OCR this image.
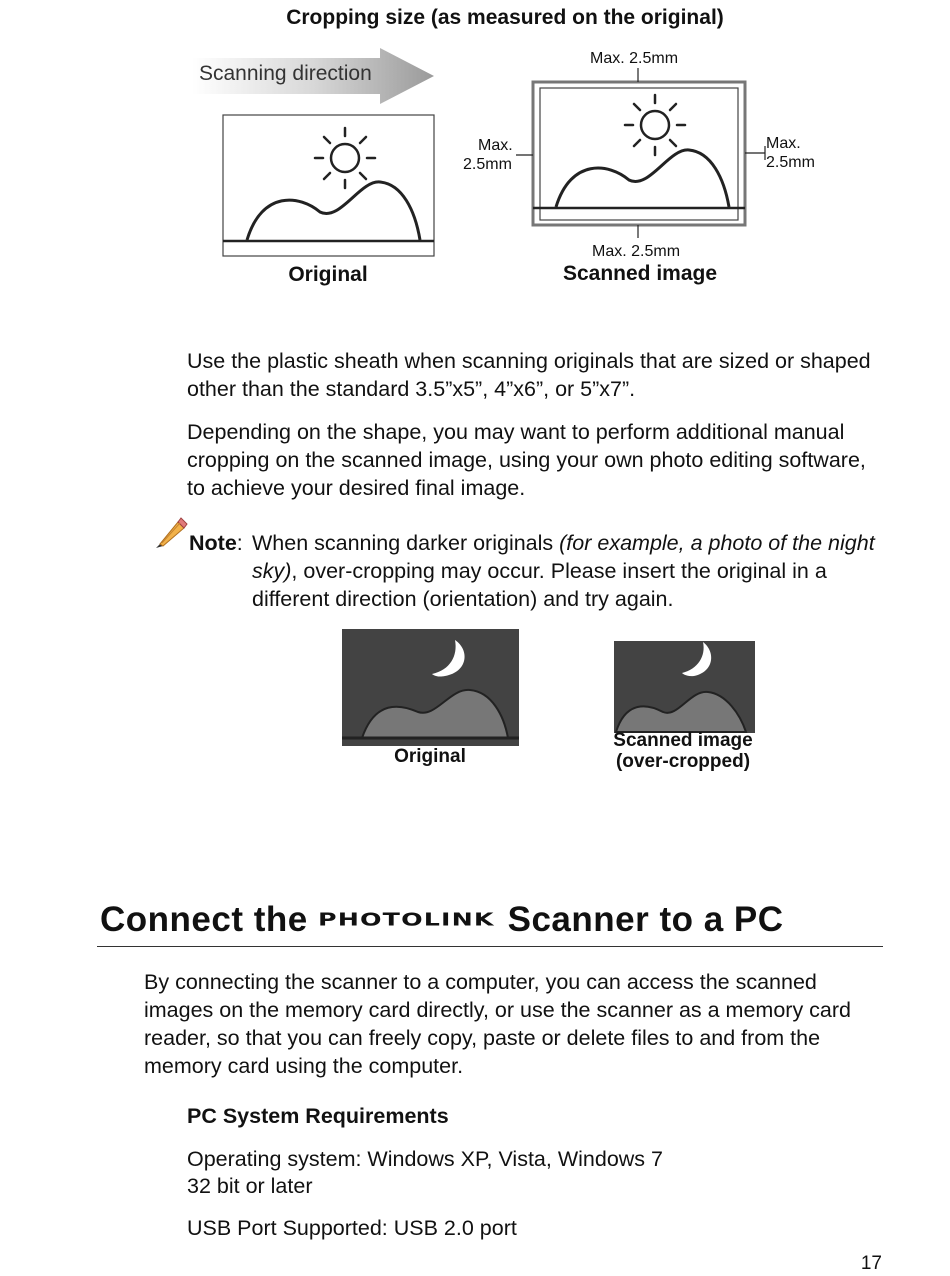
Cropping size (as measured on the original)
Scanning direction
Max. 2.5mm
Max.
2.5mm
Max.
2.5mm
Max. 2.5mm
Original	Scanned image

Use the plastic sheath when scanning originals that are sized or shaped other than the standard 3.5”x5”, 4”x6”, or 5”x7”.

Depending on the shape, you may want to perform additional manual cropping on the scanned image, using your own photo editing software, to achieve your desired final image.

Note: When scanning darker originals (for example, a photo of the night sky), over-cropping may occur. Please insert the original in a different direction (orientation) and try again.
Original
Scanned image
(over-cropped)
Connect the PHOTOLINK Scanner to a PC

By connecting the scanner to a computer, you can access the scanned images on the memory card directly, or use the scanner as a memory card reader, so that you can freely copy, paste or delete files to and from the memory card using the computer.

PC System Requirements

Operating system: Windows XP, Vista, Windows 7

32 bit or later

USB Port Supported: USB 2.0 port

17
